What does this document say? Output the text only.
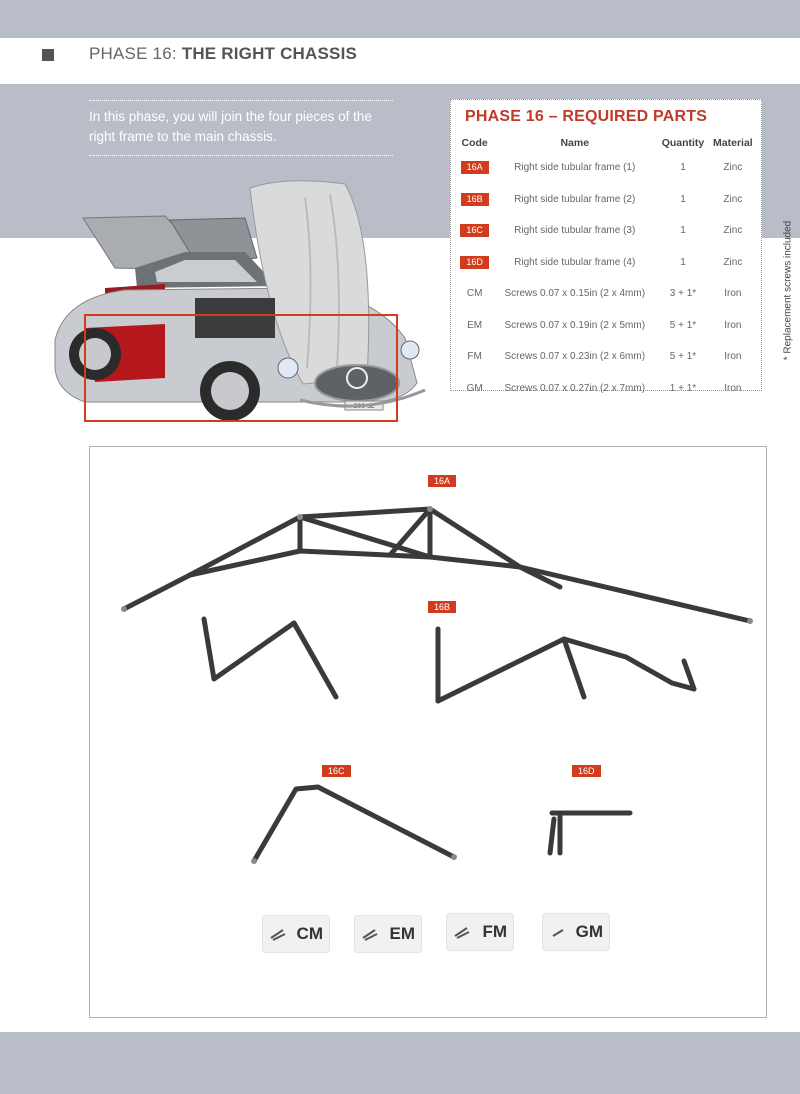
PHASE 16: THE RIGHT CHASSIS
In this phase, you will join the four pieces of the right frame to the main chassis.
300 SL
PHASE 16 – REQUIRED PARTS
Code	Name	Quantity	Material
16A	Right side tubular frame (1)	1	Zinc
16B	Right side tubular frame (2)	1	Zinc
16C	Right side tubular frame (3)	1	Zinc
16D	Right side tubular frame (4)	1	Zinc
CM	Screws 0.07 x 0.15in (2 x 4mm)	3 + 1*	Iron
EM	Screws 0.07 x 0.19in (2 x 5mm)	5 + 1*	Iron
FM	Screws 0.07 x 0.23in (2 x 6mm)	5 + 1*	Iron
GM	Screws 0.07 x 0.27in (2 x 7mm)	1 + 1*	Iron
* Replacement screws included
16A
16B
16C	16D
CM	EM	FM	GM
